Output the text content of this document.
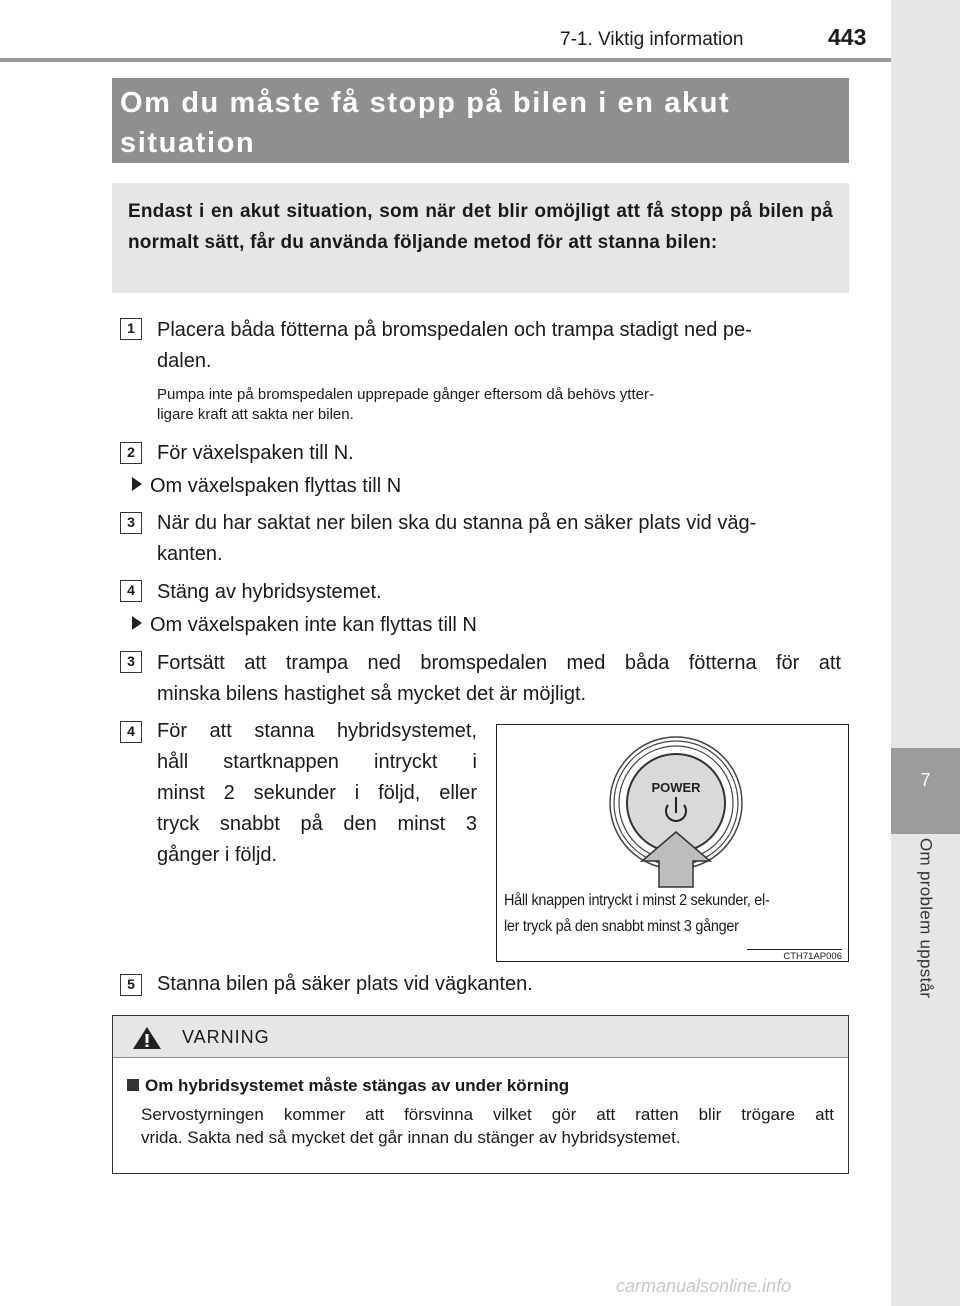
7
Om problem uppstår
7-1. Viktig information	443
Om du måste få stopp på bilen i en akut
situation

Endast i en akut situation, som när det blir omöjligt att få stopp på bilen på normalt sätt, får du använda följande metod för att stanna bilen:

1	Placera båda fötterna på bromspedalen och trampa stadigt ned pe-
dalen.
Pumpa inte på bromspedalen upprepade gånger eftersom då behövs ytter-
ligare kraft att sakta ner bilen.
2	För växelspaken till N.
Om växelspaken flyttas till N
3	När du har saktat ner bilen ska du stanna på en säker plats vid väg-
kanten.
4	Stäng av hybridsystemet.
Om växelspaken inte kan flyttas till N
3	Fortsätt att trampa ned bromspedalen med båda fötterna för att
minska bilens hastighet så mycket det är möjligt.
4	För att stanna hybridsystemet,
håll startknappen intryckt i
minst 2 sekunder i följd, eller
tryck snabbt på den minst 3
gånger i följd.
POWER
Håll knappen intryckt i minst 2 sekunder, el-
ler tryck på den snabbt minst 3 gånger
CTH71AP006
5	Stanna bilen på säker plats vid vägkanten.
VARNING
Om hybridsystemet måste stängas av under körning
Servostyrningen kommer att försvinna vilket gör att ratten blir trögare att
vrida. Sakta ned så mycket det går innan du stänger av hybridsystemet.
carmanualsonline.info
